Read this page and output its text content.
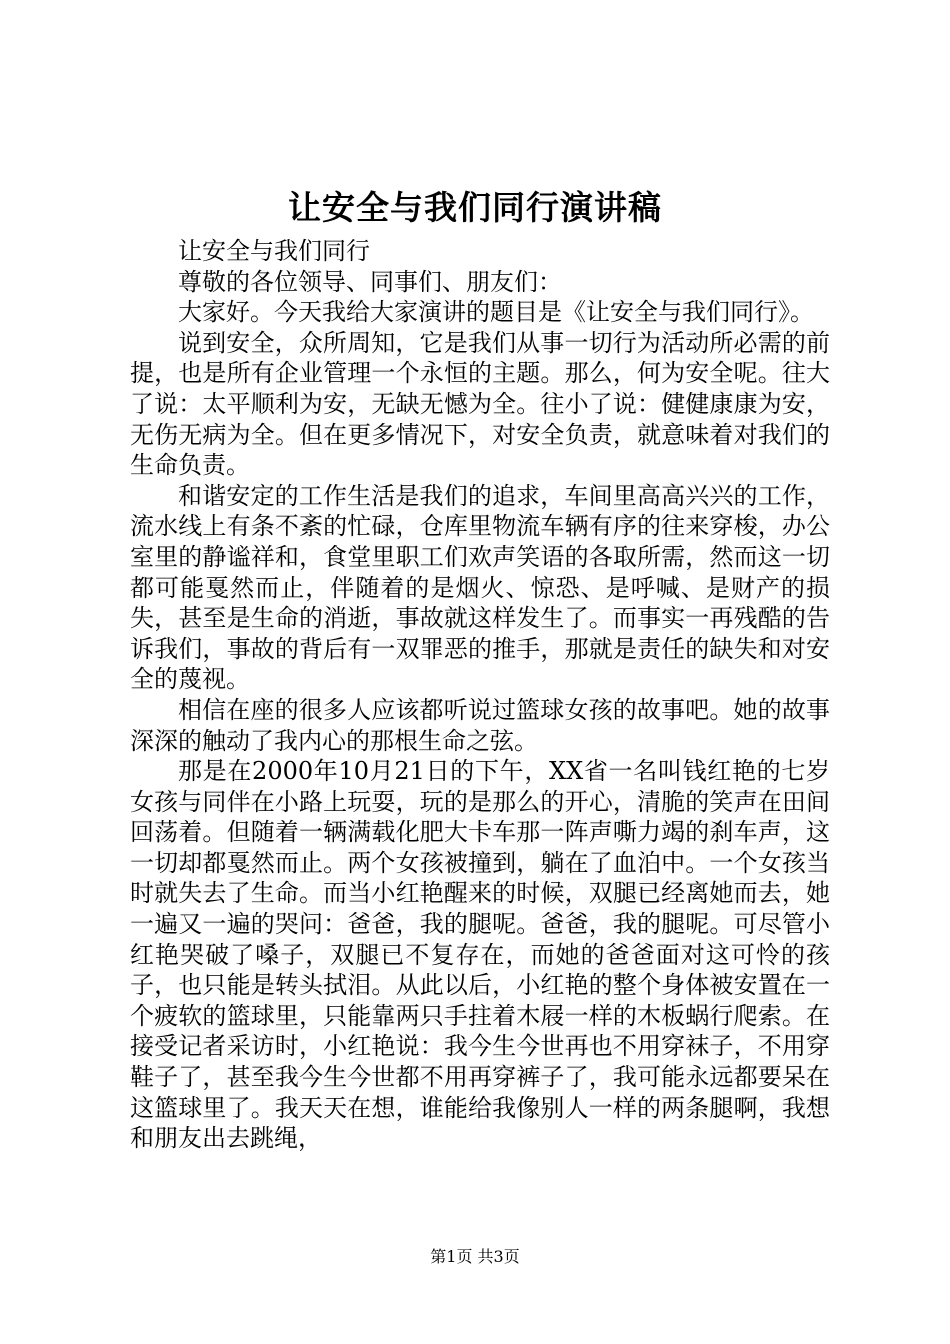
让安全与我们同行演讲稿

让安全与我们同行

尊敬的各位领导、同事们、朋友们：

大家好。今天我给大家演讲的题目是《让安全与我们同行》。

说到安全，众所周知，它是我们从事一切行为活动所必需的前提，也是所有企业管理一个永恒的主题。那么，何为安全呢。往大了说：太平顺利为安，无缺无憾为全。往小了说：健健康康为安，无伤无病为全。但在更多情况下，对安全负责，就意味着对我们的生命负责。

和谐安定的工作生活是我们的追求，车间里高高兴兴的工作，流水线上有条不紊的忙碌，仓库里物流车辆有序的往来穿梭，办公室里的静谧祥和，食堂里职工们欢声笑语的各取所需，然而这一切都可能戛然而止，伴随着的是烟火、惊恐、是呼喊、是财产的损失，甚至是生命的消逝，事故就这样发生了。而事实一再残酷的告诉我们，事故的背后有一双罪恶的推手，那就是责任的缺失和对安全的蔑视。

相信在座的很多人应该都听说过篮球女孩的故事吧。她的故事深深的触动了我内心的那根生命之弦。

那是在2000年10月21日的下午，XX省一名叫钱红艳的七岁女孩与同伴在小路上玩耍，玩的是那么的开心，清脆的笑声在田间回荡着。但随着一辆满载化肥大卡车那一阵声嘶力竭的刹车声，这一切却都戛然而止。两个女孩被撞到，躺在了血泊中。一个女孩当时就失去了生命。而当小红艳醒来的时候，双腿已经离她而去，她一遍又一遍的哭问：爸爸，我的腿呢。爸爸，我的腿呢。可尽管小红艳哭破了嗓子，双腿已不复存在，而她的爸爸面对这可怜的孩子，也只能是转头拭泪。从此以后，小红艳的整个身体被安置在一个疲软的篮球里，只能靠两只手拄着木屐一样的木板蜗行爬索。在接受记者采访时，小红艳说：我今生今世再也不用穿袜子，不用穿鞋子了，甚至我今生今世都不用再穿裤子了，我可能永远都要呆在这篮球里了。我天天在想，谁能给我像别人一样的两条腿啊，我想和朋友出去跳绳，

第1页 共3页
